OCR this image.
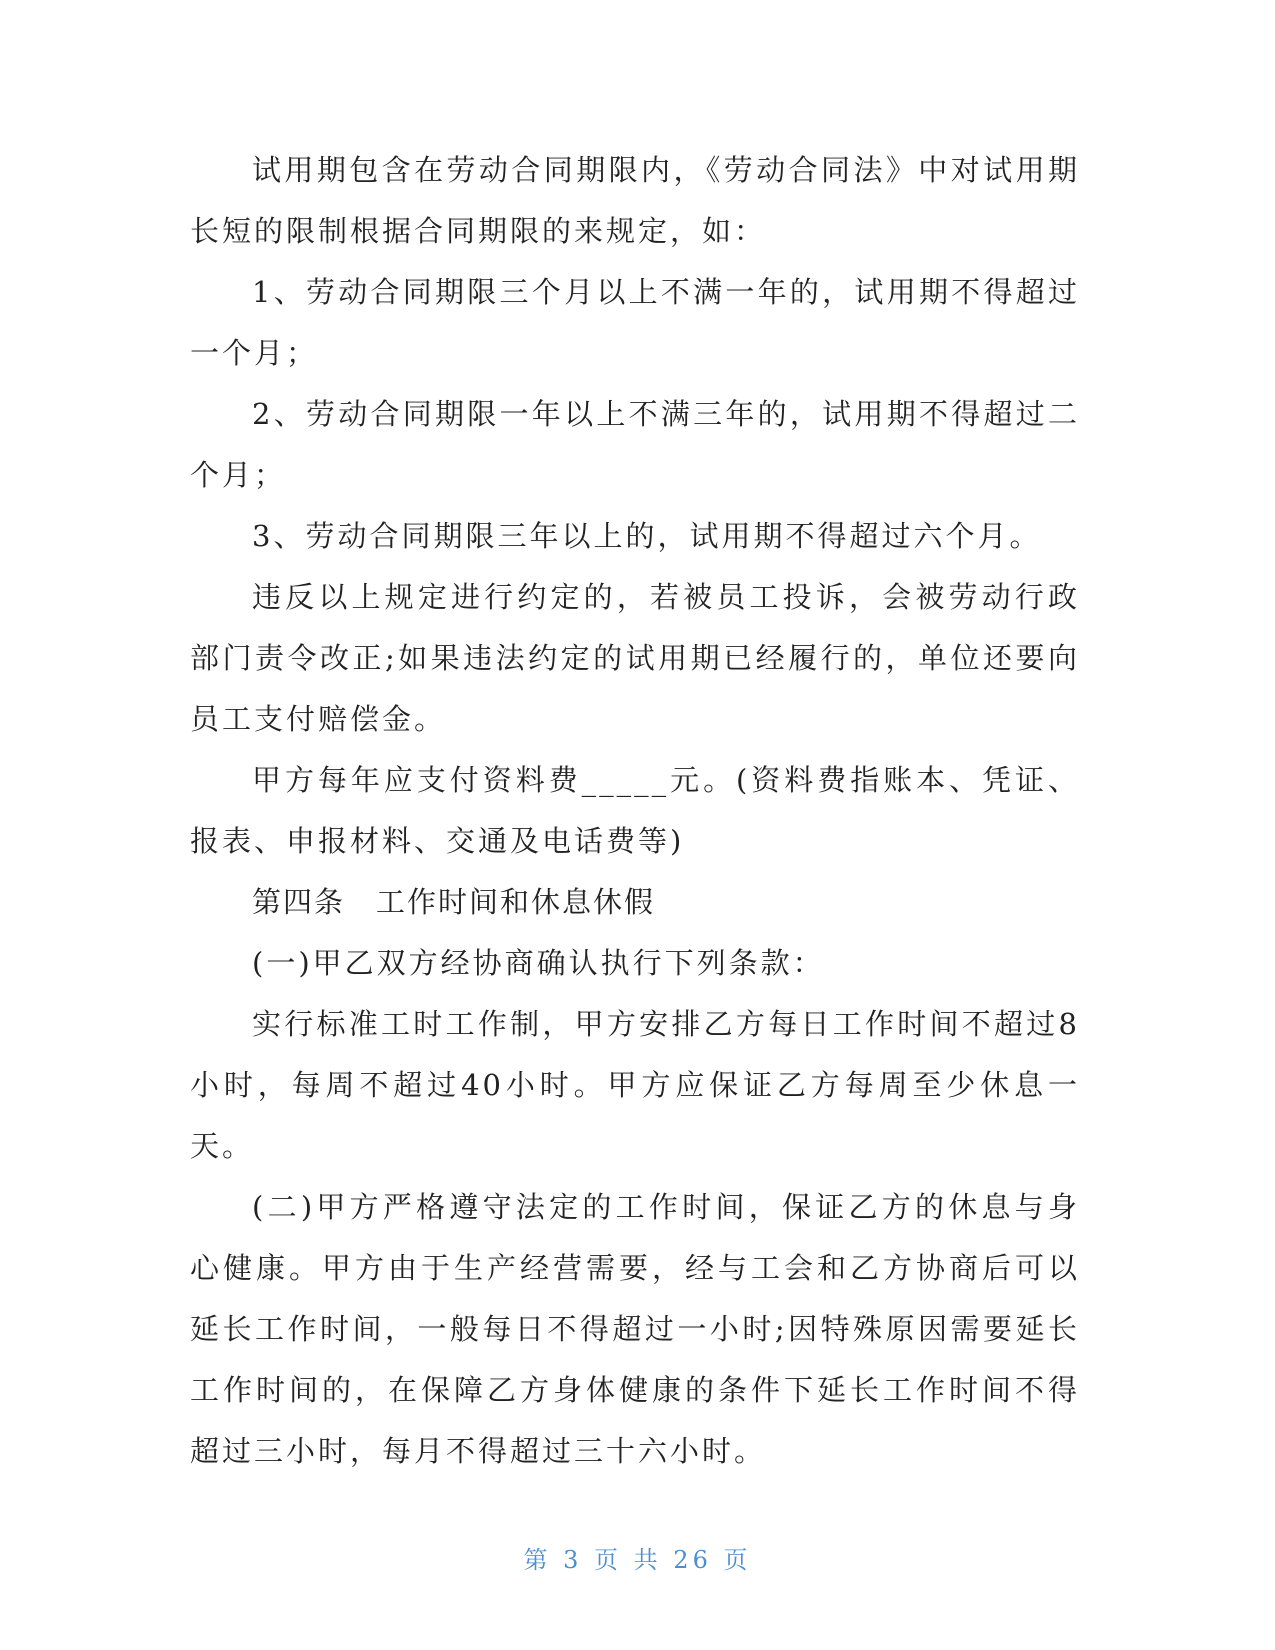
试用期包含在劳动合同期限内，《劳动合同法》中对试用期长短的限制根据合同期限的来规定，如：

1、劳动合同期限三个月以上不满一年的，试用期不得超过一个月；

2、劳动合同期限一年以上不满三年的，试用期不得超过二个月；

3、劳动合同期限三年以上的，试用期不得超过六个月。

违反以上规定进行约定的，若被员工投诉，会被劳动行政部门责令改正;如果违法约定的试用期已经履行的，单位还要向员工支付赔偿金。

甲方每年应支付资料费_____元。(资料费指账本、凭证、报表、申报材料、交通及电话费等)

第四条　工作时间和休息休假

(一)甲乙双方经协商确认执行下列条款：

实行标准工时工作制，甲方安排乙方每日工作时间不超过8小时，每周不超过40小时。甲方应保证乙方每周至少休息一天。

(二)甲方严格遵守法定的工作时间，保证乙方的休息与身心健康。甲方由于生产经营需要，经与工会和乙方协商后可以延长工作时间，一般每日不得超过一小时;因特殊原因需要延长工作时间的，在保障乙方身体健康的条件下延长工作时间不得超过三小时，每月不得超过三十六小时。

第 3 页 共 26 页
